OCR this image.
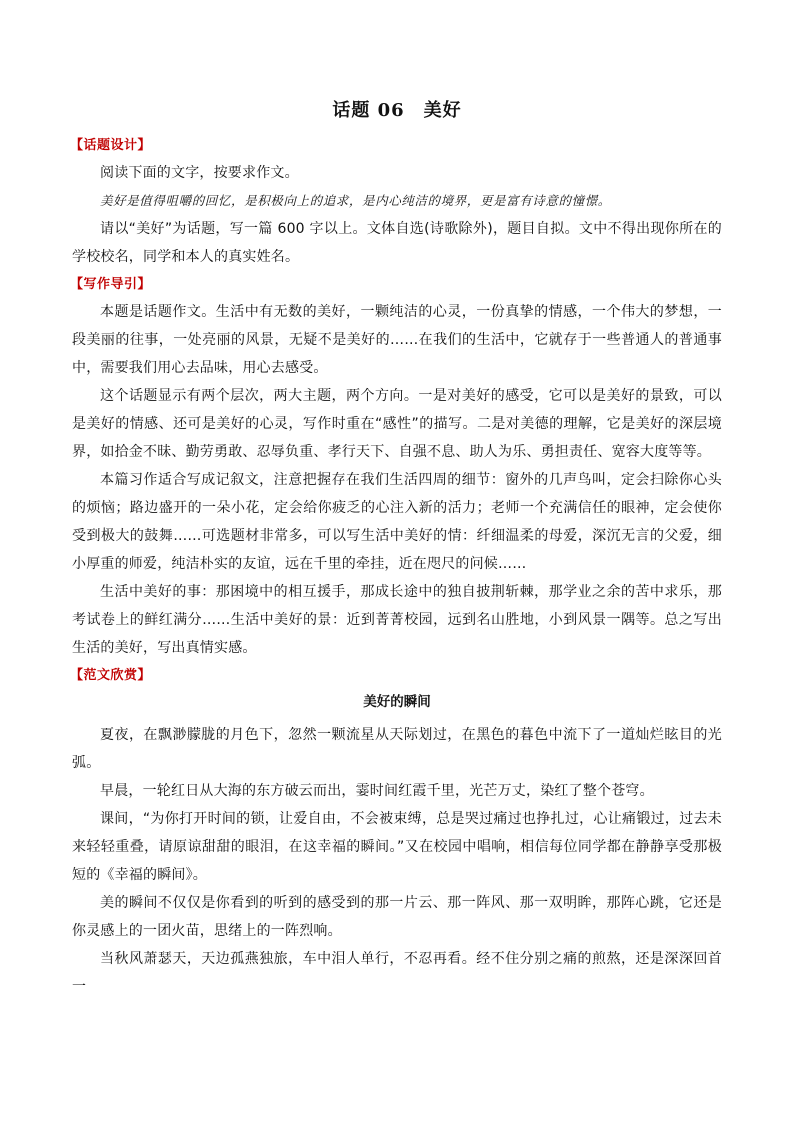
话题 06　美好
【话题设计】

阅读下面的文字，按要求作文。

美好是值得咀嚼的回忆，是积极向上的追求，是内心纯洁的境界，更是富有诗意的憧憬。

请以“美好”为话题，写一篇 600 字以上。文体自选(诗歌除外)，题目自拟。文中不得出现你所在的学校校名，同学和本人的真实姓名。

【写作导引】

本题是话题作文。生活中有无数的美好，一颗纯洁的心灵，一份真挚的情感，一个伟大的梦想，一段美丽的往事，一处亮丽的风景，无疑不是美好的……在我们的生活中，它就存于一些普通人的普通事中，需要我们用心去品味，用心去感受。

这个话题显示有两个层次，两大主题，两个方向。一是对美好的感受，它可以是美好的景致，可以是美好的情感、还可是美好的心灵，写作时重在“感性”的描写。二是对美德的理解，它是美好的深层境界，如拾金不昧、勤劳勇敢、忍辱负重、孝行天下、自强不息、助人为乐、勇担责任、宽容大度等等。

本篇习作适合写成记叙文，注意把握存在我们生活四周的细节：窗外的几声鸟叫，定会扫除你心头的烦恼；路边盛开的一朵小花，定会给你疲乏的心注入新的活力；老师一个充满信任的眼神，定会使你受到极大的鼓舞……可选题材非常多，可以写生活中美好的情：纤细温柔的母爱，深沉无言的父爱，细小厚重的师爱，纯洁朴实的友谊，远在千里的牵挂，近在咫尺的问候……

生活中美好的事：那困境中的相互援手，那成长途中的独自披荆斩棘，那学业之余的苦中求乐，那考试卷上的鲜红满分……生活中美好的景：近到菁菁校园，远到名山胜地，小到风景一隅等。总之写出生活的美好，写出真情实感。

【范文欣赏】
美好的瞬间

夏夜，在飘渺朦胧的月色下，忽然一颗流星从天际划过，在黑色的暮色中流下了一道灿烂眩目的光弧。

早晨，一轮红日从大海的东方破云而出，霎时间红霞千里，光芒万丈，染红了整个苍穹。

课间，“为你打开时间的锁，让爱自由，不会被束缚，总是哭过痛过也挣扎过，心让痛锻过，过去未来轻轻重叠，请原谅甜甜的眼泪，在这幸福的瞬间。”又在校园中唱响，相信每位同学都在静静享受那极短的《幸福的瞬间》。

美的瞬间不仅仅是你看到的听到的感受到的那一片云、那一阵风、那一双明眸，那阵心跳，它还是你灵感上的一团火苗，思绪上的一阵烈响。

当秋风萧瑟天，天边孤燕独旅，车中泪人单行，不忍再看。经不住分别之痛的煎熬，还是深深回首一
